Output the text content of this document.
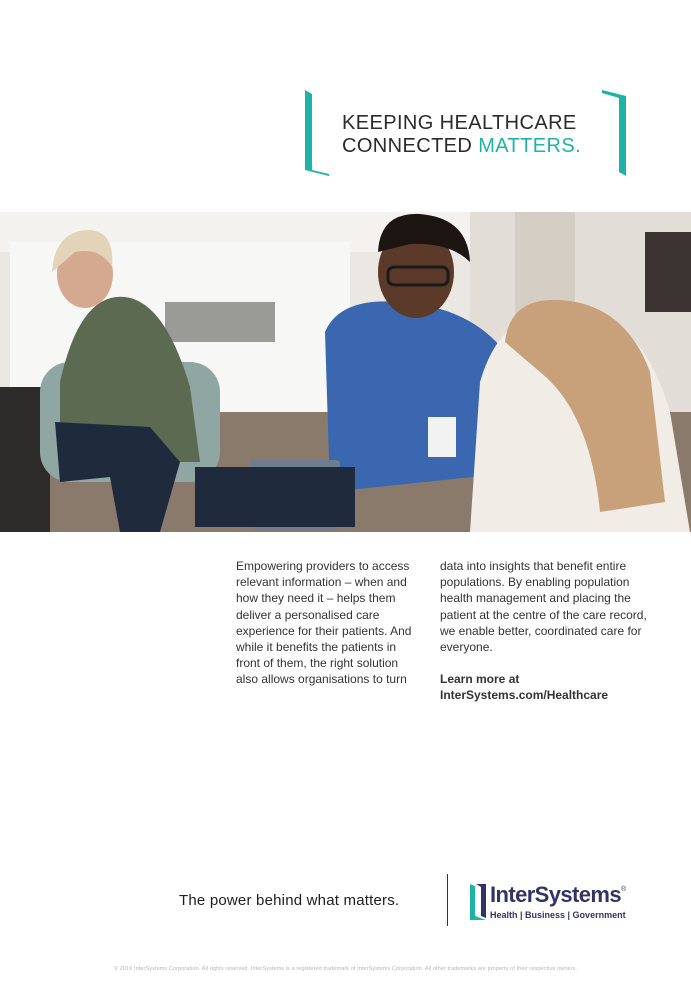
KEEPING HEALTHCARE
CONNECTED MATTERS.

Empowering providers to access relevant information – when and how they need it – helps them deliver a personalised care experience for their patients. And while it benefits the patients in front of them, the right solution also allows organisations to turn

data into insights that benefit entire populations. By enabling population health management and placing the patient at the centre of the care record, we enable better, coordinated care for everyone.

Learn more at
InterSystems.com/Healthcare

The power behind what matters.	InterSystems®
Health | Business | Government
© 2019 InterSystems Corporation. All rights reserved. InterSystems is a registered trademark of InterSystems Corporation. All other trademarks are property of their respective owners.
